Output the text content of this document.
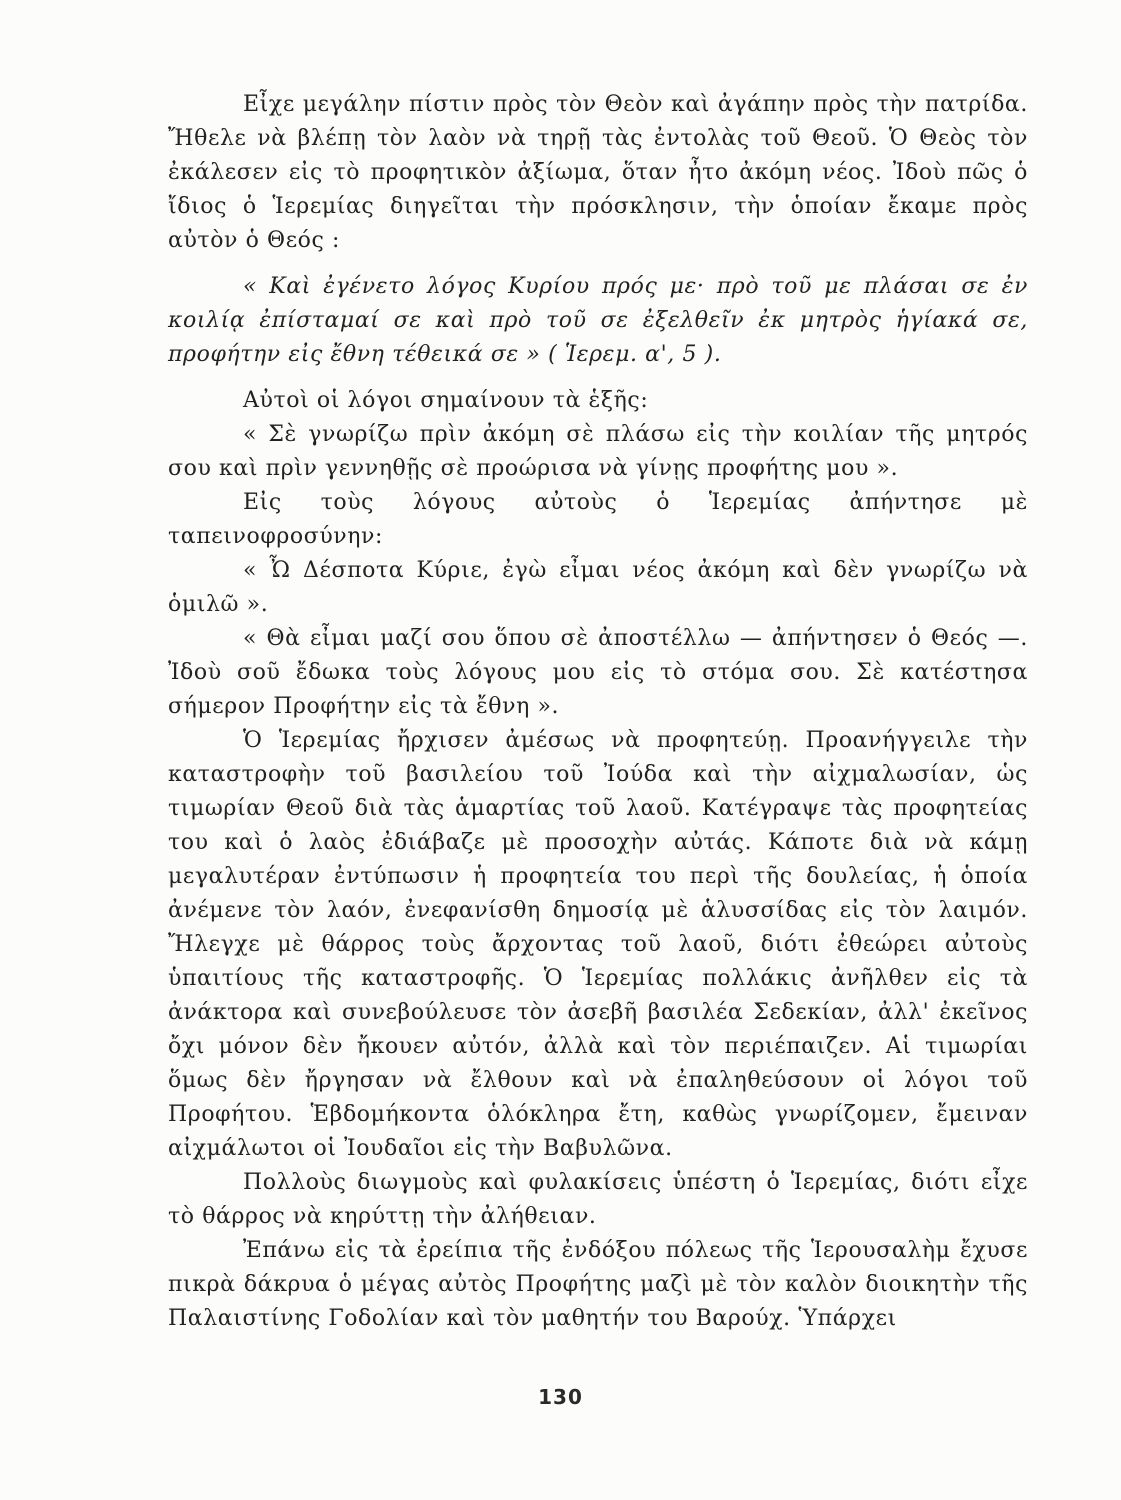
Εἶχε μεγάλην πίστιν πρὸς τὸν Θεὸν καὶ ἀγάπην πρὸς τὴν πατρίδα. Ἤθελε νὰ βλέπῃ τὸν λαὸν νὰ τηρῇ τὰς ἐντολὰς τοῦ Θεοῦ. Ὁ Θεὸς τὸν ἐκάλεσεν εἰς τὸ προφητικὸν ἀξίωμα, ὅταν ἦτο ἀκόμη νέος. Ἰδοὺ πῶς ὁ ἴδιος ὁ Ἱερεμίας διηγεῖται τὴν πρόσκλησιν, τὴν ὁποίαν ἔκαμε πρὸς αὐτὸν ὁ Θεός :

« Καὶ ἐγένετο λόγος Κυρίου πρός με· πρὸ τοῦ με πλάσαι σε ἐν κοιλίᾳ ἐπίσταμαί σε καὶ πρὸ τοῦ σε ἐξελθεῖν ἐκ μητρὸς ἡγίακά σε, προφήτην εἰς ἔθνη τέθεικά σε » ( Ἱερεμ. α', 5 ).

Αὐτοὶ οἱ λόγοι σημαίνουν τὰ ἑξῆς:

« Σὲ γνωρίζω πρὶν ἀκόμη σὲ πλάσω εἰς τὴν κοιλίαν τῆς μητρός σου καὶ πρὶν γεννηθῇς σὲ προώρισα νὰ γίνῃς προφήτης μου ».

Εἰς τοὺς λόγους αὐτοὺς ὁ Ἱερεμίας ἀπήντησε μὲ ταπεινοφροσύνην:

« Ὦ Δέσποτα Κύριε, ἐγὼ εἶμαι νέος ἀκόμη καὶ δὲν γνωρίζω νὰ ὁμιλῶ ».

« Θὰ εἶμαι μαζί σου ὅπου σὲ ἀποστέλλω — ἀπήντησεν ὁ Θεός —. Ἰδοὺ σοῦ ἔδωκα τοὺς λόγους μου εἰς τὸ στόμα σου. Σὲ κατέστησα σήμερον Προφήτην εἰς τὰ ἔθνη ».

Ὁ Ἱερεμίας ἤρχισεν ἀμέσως νὰ προφητεύῃ. Προανήγγειλε τὴν καταστροφὴν τοῦ βασιλείου τοῦ Ἰούδα καὶ τὴν αἰχμαλωσίαν, ὡς τιμωρίαν Θεοῦ διὰ τὰς ἁμαρτίας τοῦ λαοῦ. Κατέγραψε τὰς προφητείας του καὶ ὁ λαὸς ἐδιάβαζε μὲ προσοχὴν αὐτάς. Κάποτε διὰ νὰ κάμῃ μεγαλυτέραν ἐντύπωσιν ἡ προφητεία του περὶ τῆς δουλείας, ἡ ὁποία ἀνέμενε τὸν λαόν, ἐνεφανίσθη δημοσίᾳ μὲ ἁλυσσίδας εἰς τὸν λαιμόν. Ἤλεγχε μὲ θάρρος τοὺς ἄρχοντας τοῦ λαοῦ, διότι ἐθεώρει αὐτοὺς ὑπαιτίους τῆς καταστροφῆς. Ὁ Ἱερεμίας πολλάκις ἀνῆλθεν εἰς τὰ ἀνάκτορα καὶ συνεβούλευσε τὸν ἀσεβῆ βασιλέα Σεδεκίαν, ἀλλ' ἐκεῖνος ὄχι μόνον δὲν ἤκουεν αὐτόν, ἀλλὰ καὶ τὸν περιέπαιζεν. Αἱ τιμωρίαι ὅμως δὲν ἤργησαν νὰ ἔλθουν καὶ νὰ ἐπαληθεύσουν οἱ λόγοι τοῦ Προφήτου. Ἑβδομήκοντα ὁλόκληρα ἔτη, καθὼς γνωρίζομεν, ἔμειναν αἰχμάλωτοι οἱ Ἰουδαῖοι εἰς τὴν Βαβυλῶνα.

Πολλοὺς διωγμοὺς καὶ φυλακίσεις ὑπέστη ὁ Ἱερεμίας, διότι εἶχε τὸ θάρρος νὰ κηρύττῃ τὴν ἀλήθειαν.

Ἐπάνω εἰς τὰ ἐρείπια τῆς ἐνδόξου πόλεως τῆς Ἱερουσαλὴμ ἔχυσε πικρὰ δάκρυα ὁ μέγας αὐτὸς Προφήτης μαζὶ μὲ τὸν καλὸν διοικητὴν τῆς Παλαιστίνης Γοδολίαν καὶ τὸν μαθητήν του Βαρούχ. Ὑπάρχει

130
